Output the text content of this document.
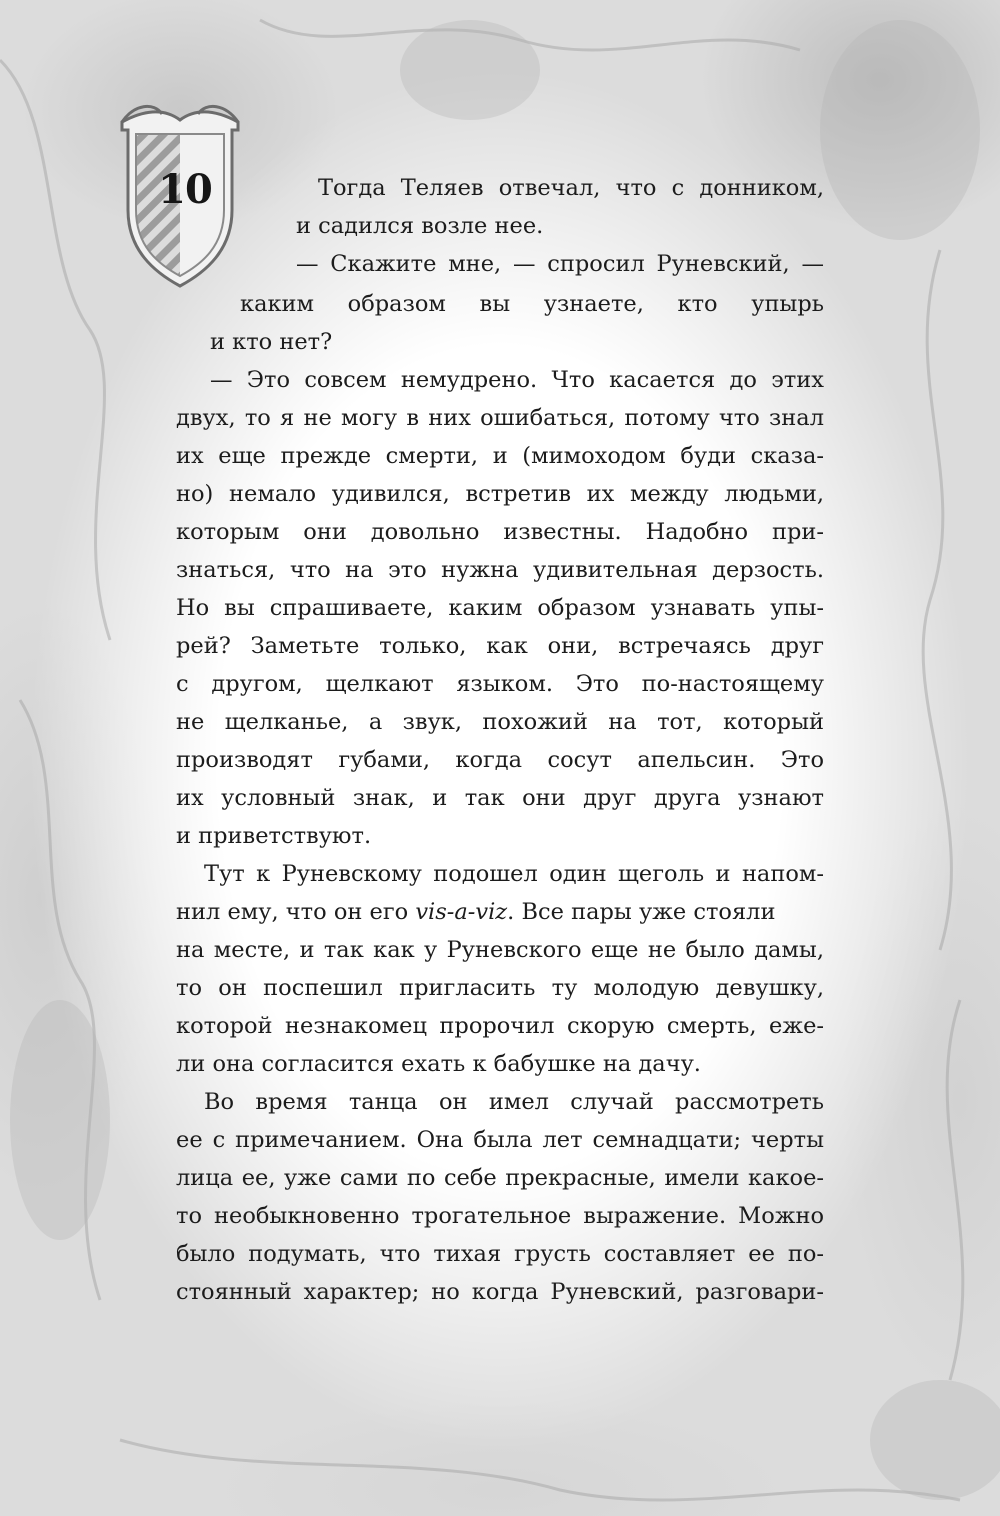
10	Тогда Теляев отвечал, что с донником,
и садился возле нее.
— Скажите мне, — спросил Руневский, —
каким образом вы узнаете, кто упырь
и кто нет?
— Это совсем немудрено. Что касается до этих
двух, то я не могу в них ошибаться, потому что знал
их еще прежде смерти, и (мимоходом буди сказа-
но) немало удивился, встретив их между людьми,
которым они довольно известны. Надобно при-
знаться, что на это нужна удивительная дерзость.
Но вы спрашиваете, каким образом узнавать упы-
рей? Заметьте только, как они, встречаясь друг
с другом, щелкают языком. Это по-настоящему
не щелканье, а звук, похожий на тот, который
производят губами, когда сосут апельсин. Это
их условный знак, и так они друг друга узнают
и приветствуют.
Тут к Руневскому подошел один щеголь и напом-
нил ему, что он его vis-a-viz. Все пары уже стояли
на месте, и так как у Руневского еще не было дамы,
то он поспешил пригласить ту молодую девушку,
которой незнакомец пророчил скорую смерть, еже-
ли она согласится ехать к бабушке на дачу.
Во время танца он имел случай рассмотреть
ее с примечанием. Она была лет семнадцати; черты
лица ее, уже сами по себе прекрасные, имели какое-
то необыкновенно трогательное выражение. Можно
было подумать, что тихая грусть составляет ее по-
стоянный характер; но когда Руневский, разговари-
